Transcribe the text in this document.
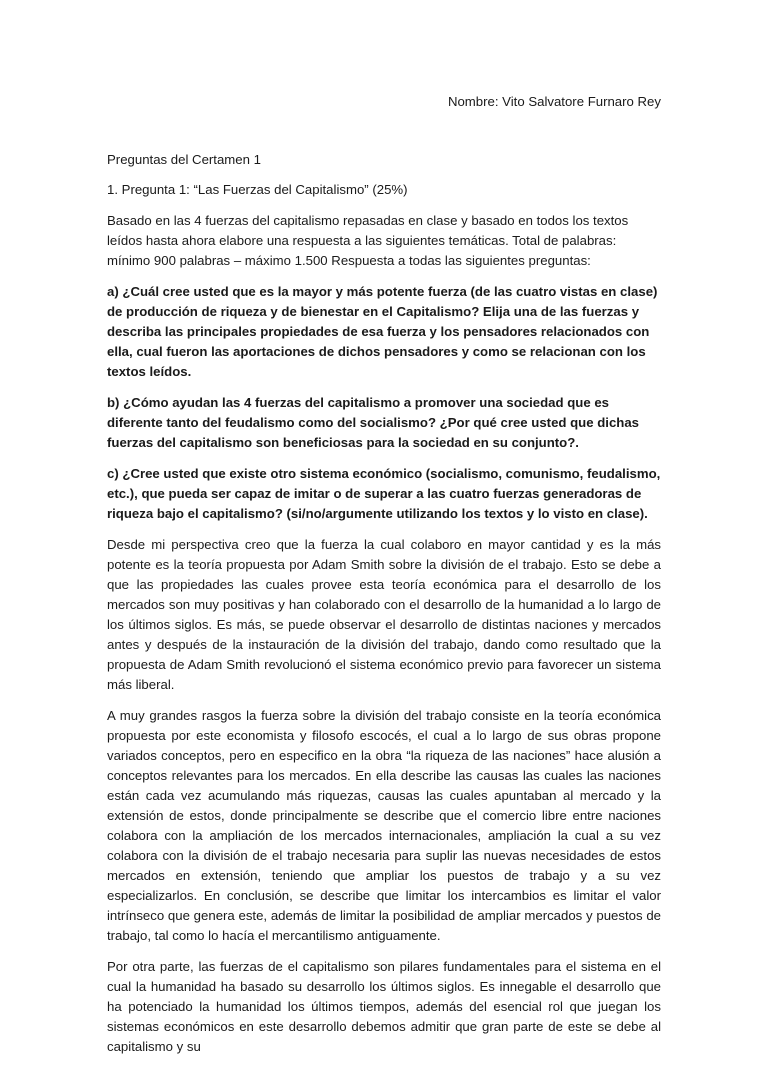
Nombre: Vito Salvatore Furnaro Rey

Preguntas del Certamen 1

1. Pregunta 1: “Las Fuerzas del Capitalismo” (25%)

Basado en las 4 fuerzas del capitalismo repasadas en clase y basado en todos los textos leídos hasta ahora elabore una respuesta a las siguientes temáticas. Total de palabras: mínimo 900 palabras – máximo 1.500 Respuesta a todas las siguientes preguntas:

a) ¿Cuál cree usted que es la mayor y más potente fuerza (de las cuatro vistas en clase) de producción de riqueza y de bienestar en el Capitalismo? Elija una de las fuerzas y describa las principales propiedades de esa fuerza y los pensadores relacionados con ella, cual fueron las aportaciones de dichos pensadores y como se relacionan con los textos leídos.

b) ¿Cómo ayudan las 4 fuerzas del capitalismo a promover una sociedad que es diferente tanto del feudalismo como del socialismo? ¿Por qué cree usted que dichas fuerzas del capitalismo son beneficiosas para la sociedad en su conjunto?.

c) ¿Cree usted que existe otro sistema económico (socialismo, comunismo, feudalismo, etc.), que pueda ser capaz de imitar o de superar a las cuatro fuerzas generadoras de riqueza bajo el capitalismo? (si/no/argumente utilizando los textos y lo visto en clase).

Desde mi perspectiva creo que la fuerza la cual colaboro en mayor cantidad y es la más potente es la teoría propuesta por Adam Smith sobre la división de el trabajo. Esto se debe a que las propiedades las cuales provee esta teoría económica para el desarrollo de los mercados son muy positivas y han colaborado con el desarrollo de la humanidad a lo largo de los últimos siglos. Es más, se puede observar el desarrollo de distintas naciones y mercados antes y después de la instauración de la división del trabajo, dando como resultado que la propuesta de Adam Smith revolucionó el sistema económico previo para favorecer un sistema más liberal.

A muy grandes rasgos la fuerza sobre la división del trabajo consiste en la teoría económica propuesta por este economista y filosofo escocés, el cual a lo largo de sus obras propone variados conceptos, pero en especifico en la obra “la riqueza de las naciones” hace alusión a conceptos relevantes para los mercados. En ella describe las causas las cuales las naciones están cada vez acumulando más riquezas, causas las cuales apuntaban al mercado y la extensión de estos, donde principalmente se describe que el comercio libre entre naciones colabora con la ampliación de los mercados internacionales, ampliación la cual a su vez colabora con la división de el trabajo necesaria para suplir las nuevas necesidades de estos mercados en extensión, teniendo que ampliar los puestos de trabajo y a su vez especializarlos. En conclusión, se describe que limitar los intercambios es limitar el valor intrínseco que genera este, además de limitar la posibilidad de ampliar mercados y puestos de trabajo, tal como lo hacía el mercantilismo antiguamente.

Por otra parte, las fuerzas de el capitalismo son pilares fundamentales para el sistema en el cual la humanidad ha basado su desarrollo los últimos siglos. Es innegable el desarrollo que ha potenciado la humanidad los últimos tiempos, además del esencial rol que juegan los sistemas económicos en este desarrollo debemos admitir que gran parte de este se debe al capitalismo y su
